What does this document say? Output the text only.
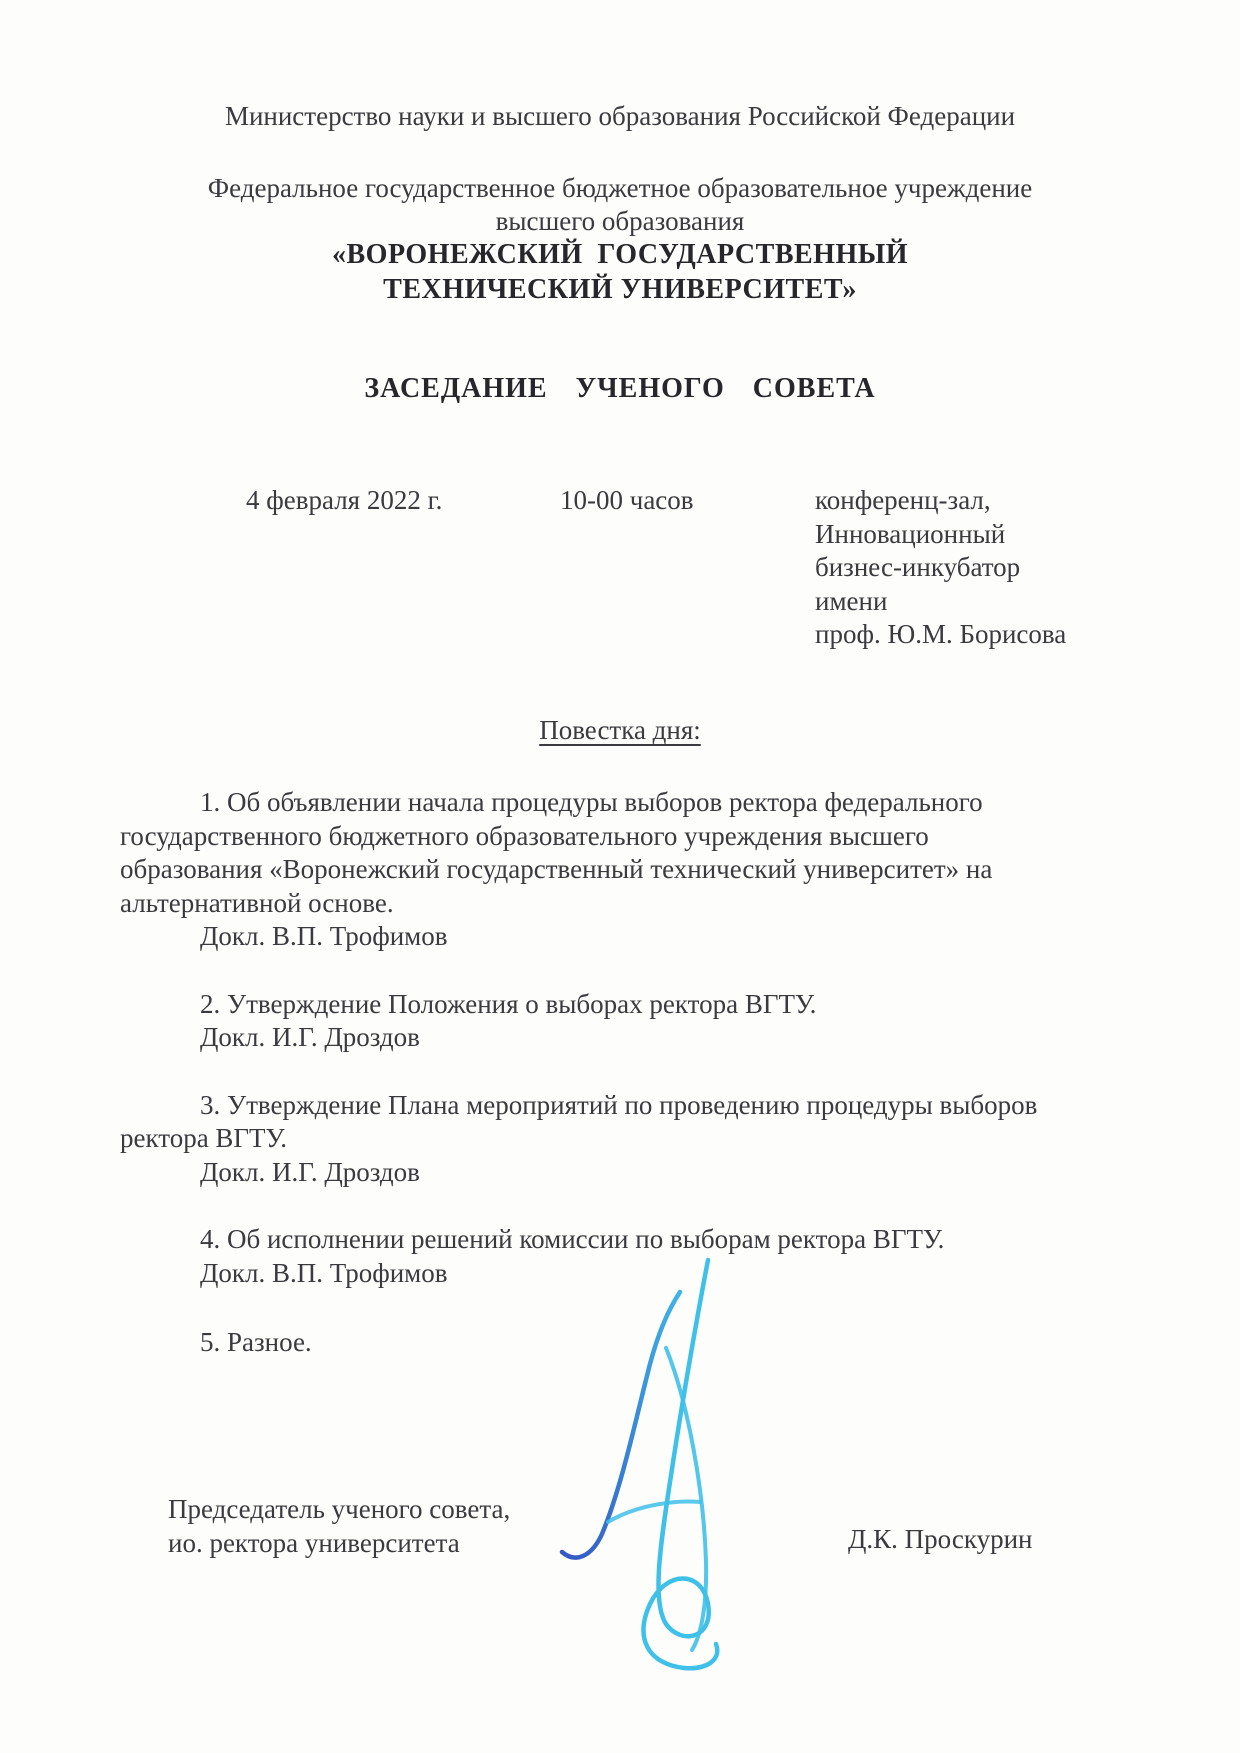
Министерство науки и высшего образования Российской Федерации
Федеральное государственное бюджетное образовательное учреждение
высшего образования
«ВОРОНЕЖСКИЙ  ГОСУДАРСТВЕННЫЙ
ТЕХНИЧЕСКИЙ УНИВЕРСИТЕТ»
ЗАСЕДАНИЕ  УЧЕНОГО  СОВЕТА
4 февраля 2022 г.	10-00 часов	конференц-зал,
Инновационный
бизнес-инкубатор имени
проф. Ю.М. Борисова
Повестка дня:
1. Об объявлении начала процедуры выборов ректора федерального
государственного бюджетного образовательного учреждения высшего
образования «Воронежский государственный технический университет» на
альтернативной основе.
Докл. В.П. Трофимов
2. Утверждение Положения о выборах ректора ВГТУ.
Докл. И.Г. Дроздов
3. Утверждение Плана мероприятий по проведению процедуры выборов
ректора ВГТУ.
Докл. И.Г. Дроздов
4. Об исполнении решений комиссии по выборам ректора ВГТУ.
Докл. В.П. Трофимов
5. Разное.
Председатель ученого совета,
ио. ректора университета	Д.К. Проскурин
